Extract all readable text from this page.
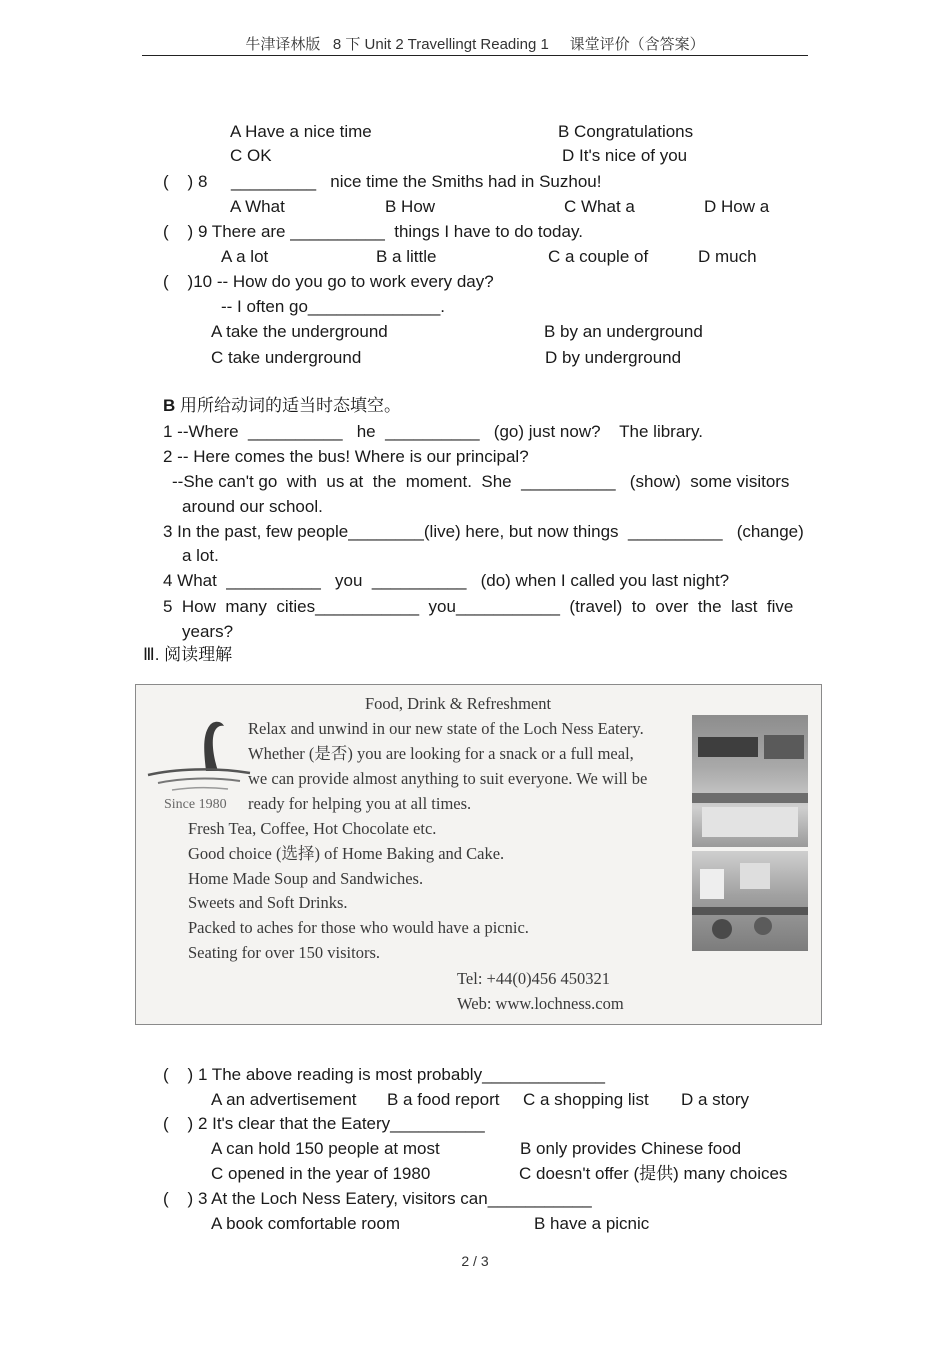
牛津译林版   8 下 Unit 2 Travellingt Reading 1     课堂评价（含答案）
A Have a nice time	B Congratulations
C OK	D It's nice of you
(    ) 8     _________   nice time the Smiths had in Suzhou!
A What	B How	C What a	D How a
(    ) 9 There are __________  things I have to do today.
A a lot	B a little	C a couple of	D much
(    )10 -- How do you go to work every day?
-- I often go______________.
A take the underground	B by an underground
C take underground	D by underground
B 用所给动词的适当时态填空。
1 --Where  __________   he  __________   (go) just now?    The library.
2 -- Here comes the bus! Where is our principal?
--She can't go  with  us at  the  moment.  She  __________   (show)  some visitors
around our school.
3 In the past, few people________(live) here, but now things  __________   (change)
a lot.
4 What  __________   you  __________   (do) when I called you last night?
5  How  many  cities___________  you___________  (travel)  to  over  the  last  five
years?
Ⅲ. 阅读理解
Since 1980
Food, Drink & Refreshment
Relax and unwind in our new state of the Loch Ness Eatery.
Whether (是否) you are looking for a snack or a full meal,
we can provide almost anything to suit everyone. We will be
ready for helping you at all times.
Fresh Tea, Coffee, Hot Chocolate etc.
Good choice (选择) of Home Baking and Cake.
Home Made Soup and Sandwiches.
Sweets and Soft Drinks.
Packed to aches for those who would have a picnic.
Seating for over 150 visitors.
Tel: +44(0)456 450321
Web: www.lochness.com
(    ) 1 The above reading is most probably_____________
A an advertisement B a food report C a shopping list D a story
(    ) 2 It's clear that the Eatery__________
A can hold 150 people at most	B only provides Chinese food
C opened in the year of 1980	C doesn't offer (提供) many choices
(    ) 3 At the Loch Ness Eatery, visitors can___________
A book comfortable room	B have a picnic
2 / 3
